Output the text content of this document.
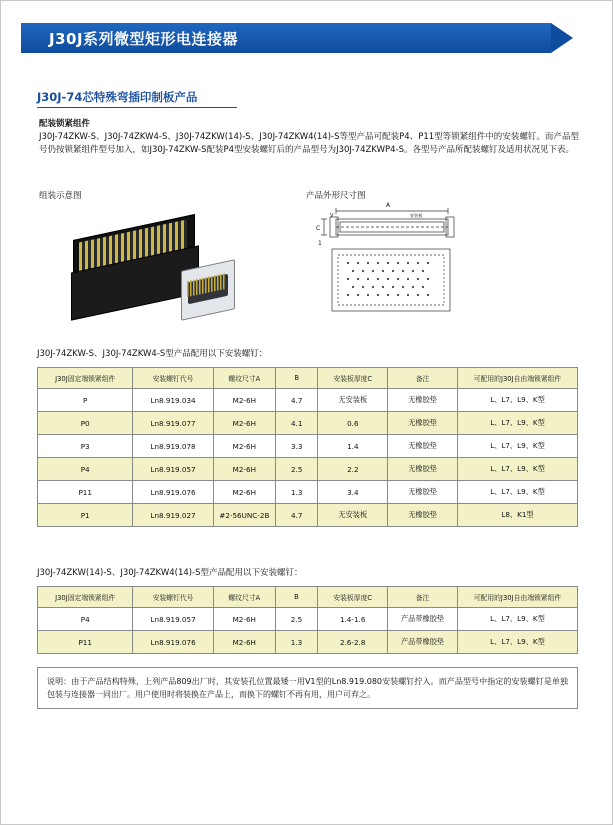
J30J系列微型矩形电连接器
J30J-74芯特殊弯插印制板产品
配装锁紧组件
J30J-74ZKW-S、J30J-74ZKW4-S、J30J-74ZKW(14)-S、J30J-74ZKW4(14)-S等型产品可配装P4、P11型等锁紧组件中的安装螺钉。而产品型号仍按锁紧组件型号加入，如J30J-74ZKW-S配装P4型安装螺钉后的产品型号为J30J-74ZKWP4-S。各型号产品所配装螺钉及适用状况见下表。
组装示意图	产品外形尺寸图
A
C
1
V	安装板
J30J-74ZKW-S、J30J-74ZKW4-S型产品配用以下安装螺钉：
J30J固定端锁紧组件	安装螺钉代号	螺纹尺寸A	B	安装板厚度C	备注	可配用的J30J自由端锁紧组件
P	Ln8.919.034	M2-6H	4.7	无安装板	无橡胶垫	L、L7、L9、K型
P0	Ln8.919.077	M2-6H	4.1	0.6	无橡胶垫	L、L7、L9、K型
P3	Ln8.919.078	M2-6H	3.3	1.4	无橡胶垫	L、L7、L9、K型
P4	Ln8.919.057	M2-6H	2.5	2.2	无橡胶垫	L、L7、L9、K型
P11	Ln8.919.076	M2-6H	1.3	3.4	无橡胶垫	L、L7、L9、K型
P1	Ln8.919.027	#2-56UNC-2B	4.7	无安装板	无橡胶垫	L8、K1型
J30J-74ZKW(14)-S、J30J-74ZKW4(14)-S型产品配用以下安装螺钉：
J30J固定端锁紧组件	安装螺钉代号	螺纹尺寸A	B	安装板厚度C	备注	可配用的J30J自由端锁紧组件
P4	Ln8.919.057	M2-6H	2.5	1.4-1.6	产品带橡胶垫	L、L7、L9、K型
P11	Ln8.919.076	M2-6H	1.3	2.6-2.8	产品带橡胶垫	L、L7、L9、K型
说明：由于产品结构特殊，上列产品809出厂时，其安装孔位置最矮一用V1型的Ln8.919.080安装螺钉拧入。而产品型号中指定的安装螺钉是单独包装与连接器一同出厂。用户使用时将装换在产品上，而换下的螺钉不再有用，用户可弃之。
